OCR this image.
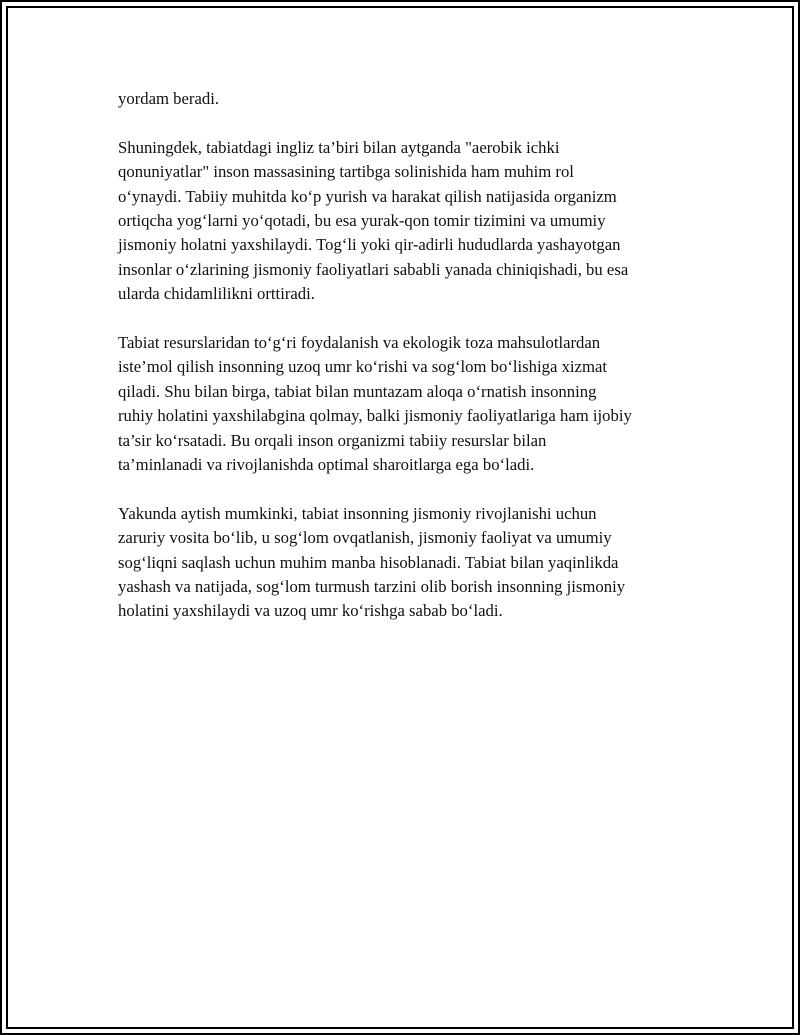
yordam beradi.

Shuningdek, tabiatdagi ingliz ta’biri bilan aytganda "aerobik ichki
qonuniyatlar" inson massasining tartibga solinishida ham muhim rol
o‘ynaydi. Tabiiy muhitda ko‘p yurish va harakat qilish natijasida organizm
ortiqcha yog‘larni yo‘qotadi, bu esa yurak-qon tomir tizimini va umumiy
jismoniy holatni yaxshilaydi. Tog‘li yoki qir-adirli hududlarda yashayotgan
insonlar o‘zlarining jismoniy faoliyatlari sababli yanada chiniqishadi, bu esa
ularda chidamlilikni orttiradi.

Tabiat resurslaridan to‘g‘ri foydalanish va ekologik toza mahsulotlardan
iste’mol qilish insonning uzoq umr ko‘rishi va sog‘lom bo‘lishiga xizmat
qiladi. Shu bilan birga, tabiat bilan muntazam aloqa o‘rnatish insonning
ruhiy holatini yaxshilabgina qolmay, balki jismoniy faoliyatlariga ham ijobiy
ta’sir ko‘rsatadi. Bu orqali inson organizmi tabiiy resurslar bilan
ta’minlanadi va rivojlanishda optimal sharoitlarga ega bo‘ladi.

Yakunda aytish mumkinki, tabiat insonning jismoniy rivojlanishi uchun
zaruriy vosita bo‘lib, u sog‘lom ovqatlanish, jismoniy faoliyat va umumiy
sog‘liqni saqlash uchun muhim manba hisoblanadi. Tabiat bilan yaqinlikda
yashash va natijada, sog‘lom turmush tarzini olib borish insonning jismoniy
holatini yaxshilaydi va uzoq umr ko‘rishga sabab bo‘ladi.
